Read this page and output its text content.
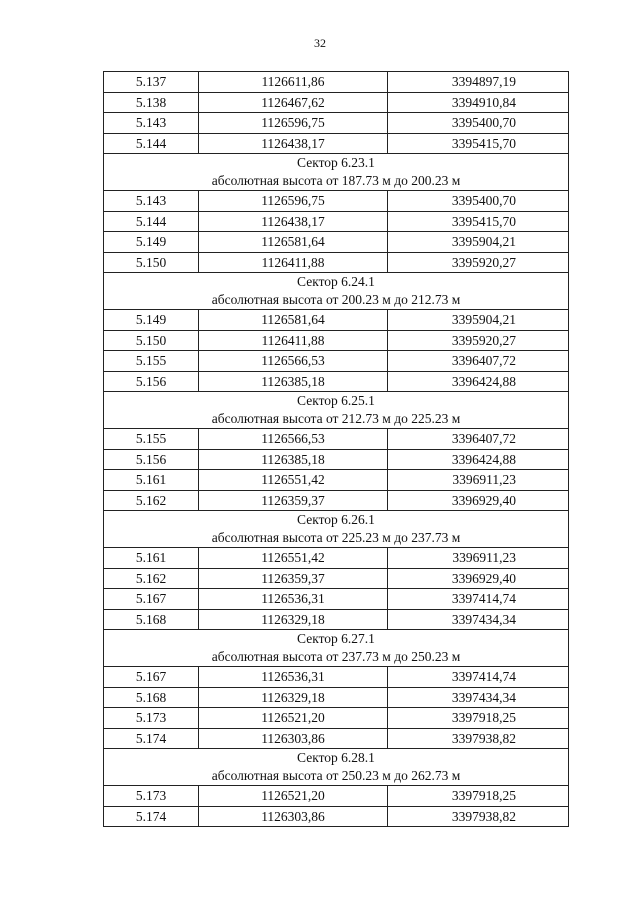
32
5.137	1126611,86	3394897,19
5.138	1126467,62	3394910,84
5.143	1126596,75	3395400,70
5.144	1126438,17	3395415,70

Сектор 6.23.1
абсолютная высота от 187.73 м до 200.23 м		

5.143	1126596,75	3395400,70
5.144	1126438,17	3395415,70
5.149	1126581,64	3395904,21
5.150	1126411,88	3395920,27

Сектор 6.24.1
абсолютная высота от 200.23 м до 212.73 м		

5.149	1126581,64	3395904,21
5.150	1126411,88	3395920,27
5.155	1126566,53	3396407,72
5.156	1126385,18	3396424,88

Сектор 6.25.1
абсолютная высота от 212.73 м до 225.23 м		

5.155	1126566,53	3396407,72
5.156	1126385,18	3396424,88
5.161	1126551,42	3396911,23
5.162	1126359,37	3396929,40

Сектор 6.26.1
абсолютная высота от 225.23 м до 237.73 м		

5.161	1126551,42	3396911,23
5.162	1126359,37	3396929,40
5.167	1126536,31	3397414,74
5.168	1126329,18	3397434,34

Сектор 6.27.1
абсолютная высота от 237.73 м до 250.23 м		

5.167	1126536,31	3397414,74
5.168	1126329,18	3397434,34
5.173	1126521,20	3397918,25
5.174	1126303,86	3397938,82

Сектор 6.28.1
абсолютная высота от 250.23 м до 262.73 м		

5.173	1126521,20	3397918,25
5.174	1126303,86	3397938,82
